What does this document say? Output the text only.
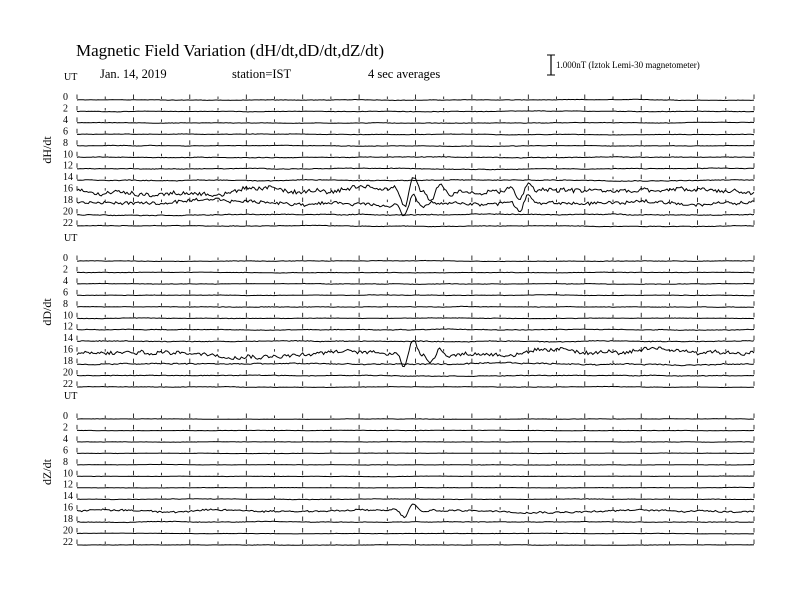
Magnetic Field Variation (dH/dt,dD/dt,dZ/dt)
Jan. 14, 2019	station=IST	4 sec averages
1.000nT (Iztok Lemi-30 magnetometer)
UT
dH/dt
0
2
4
6
8
10
12
14
16
18
20
22
UT
dD/dt
0
2
4
6
8
10
12
14
16
18
20
22
UT
dZ/dt
0
2
4
6
8
10
12
14
16
18
20
22
